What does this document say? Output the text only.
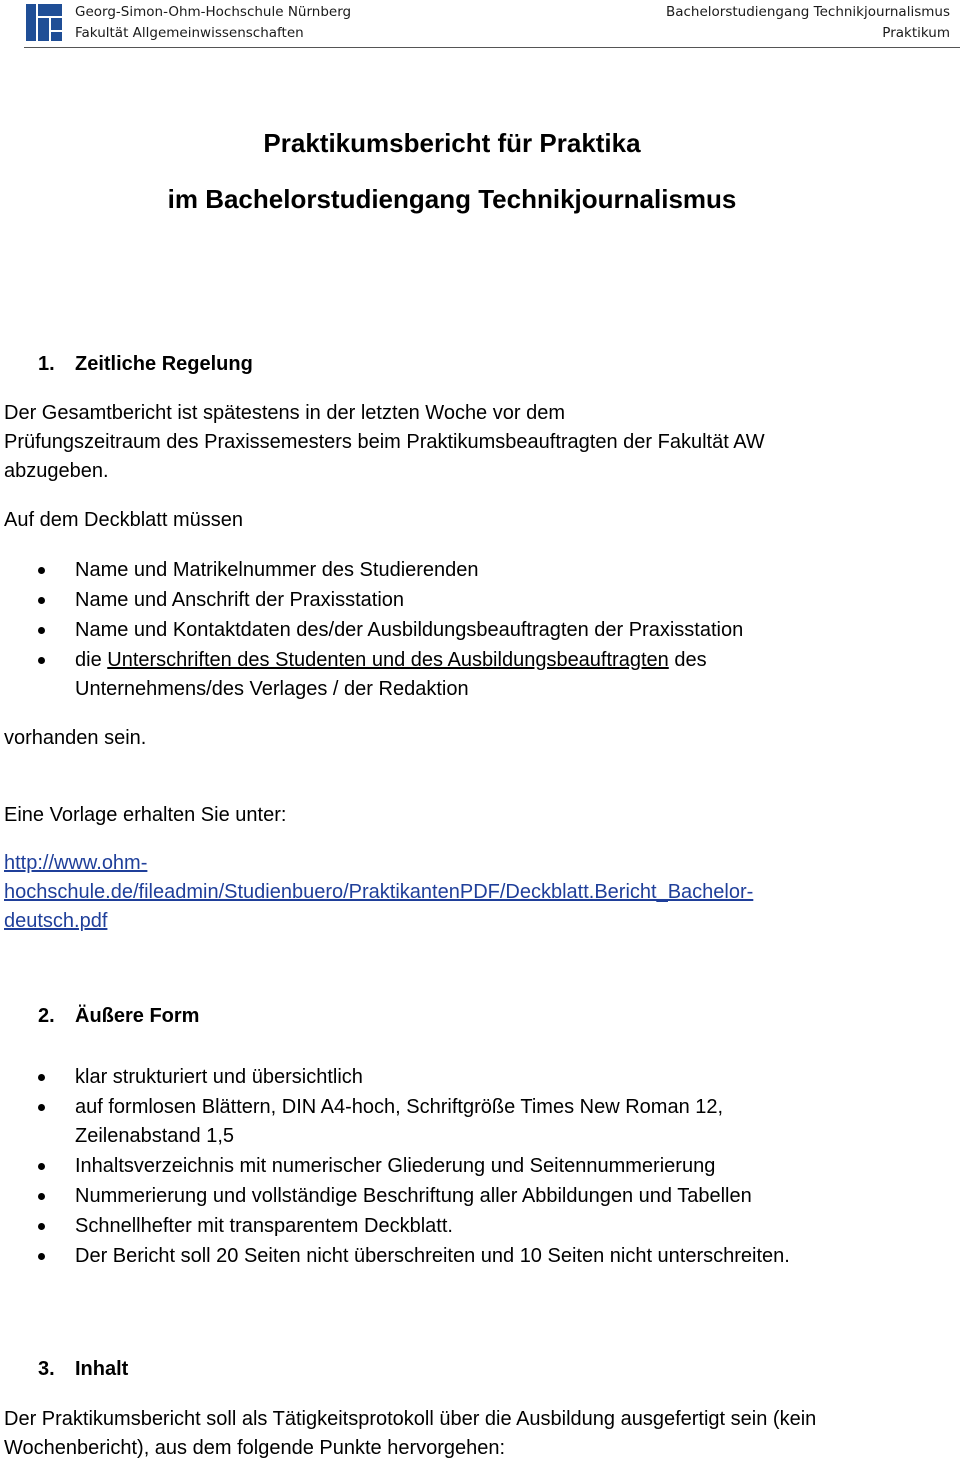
Georg-Simon-Ohm-Hochschule Nürnberg
Fakultät Allgemeinwissenschaften
Bachelorstudiengang Technikjournalismus
Praktikum
Praktikumsbericht für Praktika
im Bachelorstudiengang Technikjournalismus
1. Zeitliche Regelung
Der Gesamtbericht ist spätestens in der letzten Woche vor dem
Prüfungszeitraum des Praxissemesters beim Praktikumsbeauftragten der Fakultät AW
abzugeben.
Auf dem Deckblatt müssen
Name und Matrikelnummer des Studierenden
Name und Anschrift der Praxisstation
Name und Kontaktdaten des/der Ausbildungsbeauftragten der Praxisstation
die Unterschriften des Studenten und des Ausbildungsbeauftragten des
Unternehmens/des Verlages / der Redaktion
vorhanden sein.
Eine Vorlage erhalten Sie unter:
http://www.ohm-
hochschule.de/fileadmin/Studienbuero/PraktikantenPDF/Deckblatt.Bericht_Bachelor-
deutsch.pdf
2. Äußere Form
klar strukturiert und übersichtlich
auf formlosen Blättern, DIN A4-hoch, Schriftgröße Times New Roman 12,
Zeilenabstand 1,5
Inhaltsverzeichnis mit numerischer Gliederung und Seitennummerierung
Nummerierung und vollständige Beschriftung aller Abbildungen und Tabellen
Schnellhefter mit transparentem Deckblatt.
Der Bericht soll 20 Seiten nicht überschreiten und 10 Seiten nicht unterschreiten.
3. Inhalt
Der Praktikumsbericht soll als Tätigkeitsprotokoll über die Ausbildung ausgefertigt sein (kein
Wochenbericht), aus dem folgende Punkte hervorgehen:
